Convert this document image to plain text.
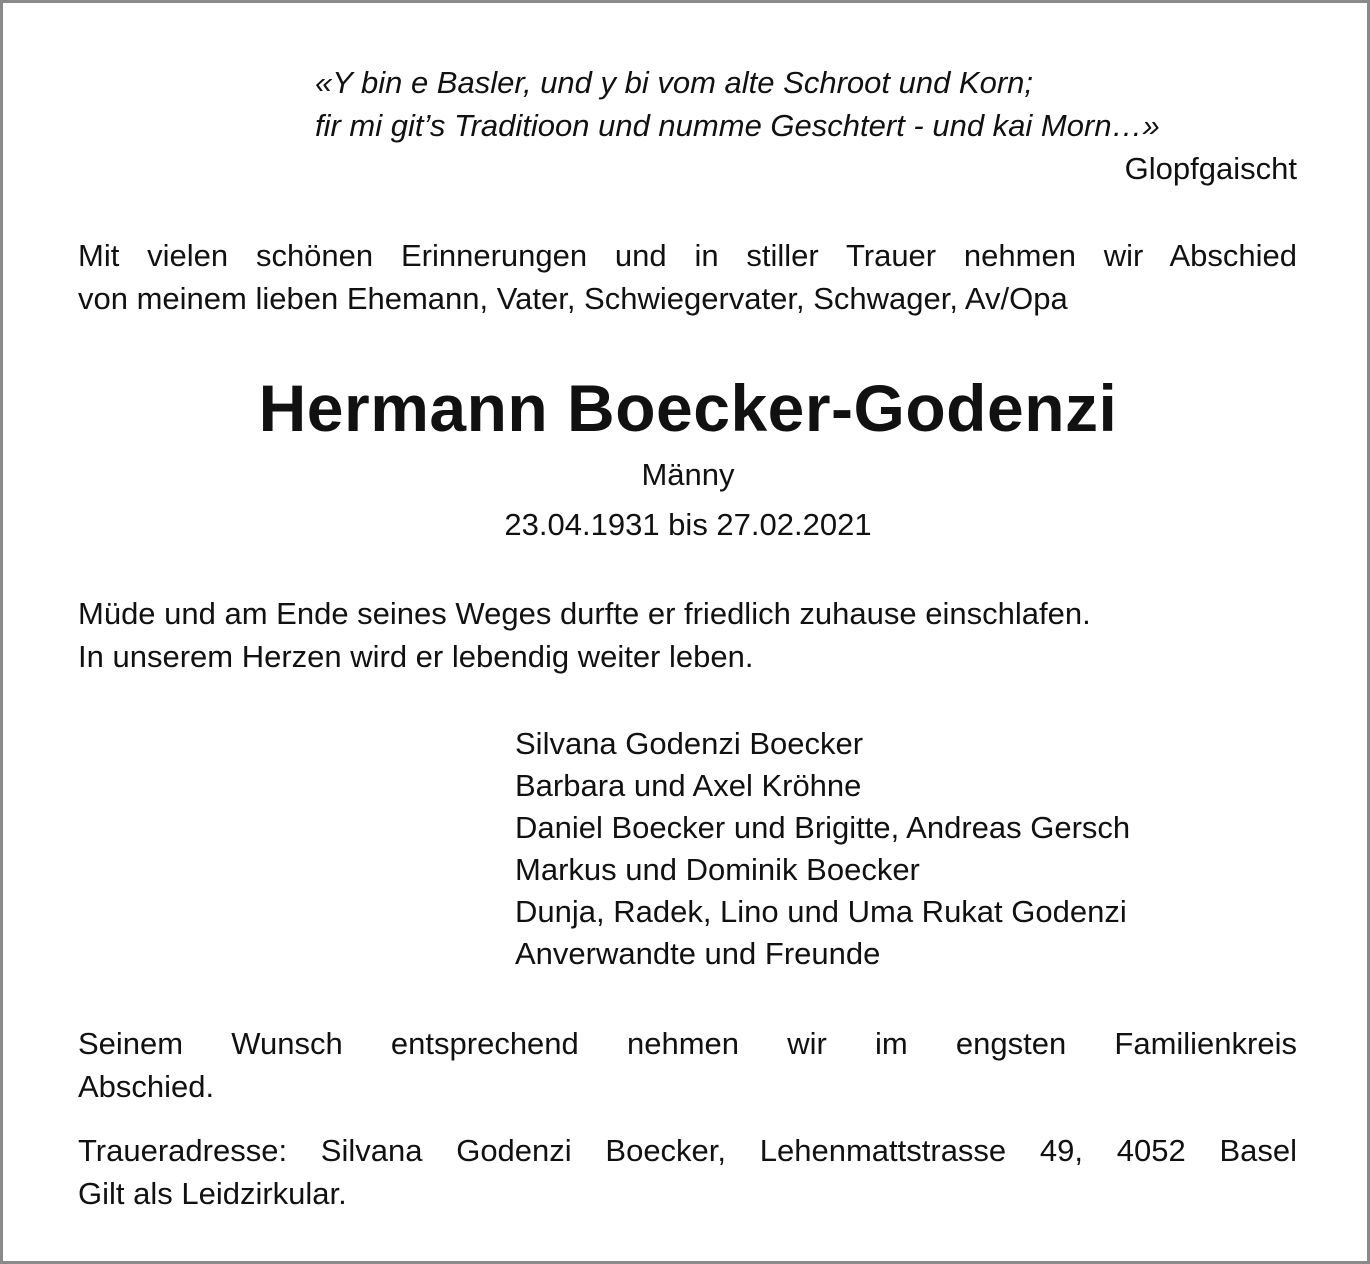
«Y bin e Basler, und y bi vom alte Schroot und Korn;
fir mi git’s Traditioon und numme Geschtert - und kai Morn…»
Glopfgaischt
Mit vielen schönen Erinnerungen und in stiller Trauer nehmen wir Abschied
von meinem lieben Ehemann, Vater, Schwiegervater, Schwager, Av/Opa
Hermann Boecker-Godenzi
Männy
23.04.1931 bis 27.02.2021
Müde und am Ende seines Weges durfte er friedlich zuhause einschlafen.
In unserem Herzen wird er lebendig weiter leben.
Silvana Godenzi Boecker
Barbara und Axel Kröhne
Daniel Boecker und Brigitte, Andreas Gersch
Markus und Dominik Boecker
Dunja, Radek, Lino und Uma Rukat Godenzi
Anverwandte und Freunde
Seinem Wunsch entsprechend nehmen wir im engsten Familienkreis
Abschied.
Traueradresse: Silvana Godenzi Boecker, Lehenmattstrasse 49, 4052 Basel
Gilt als Leidzirkular.
